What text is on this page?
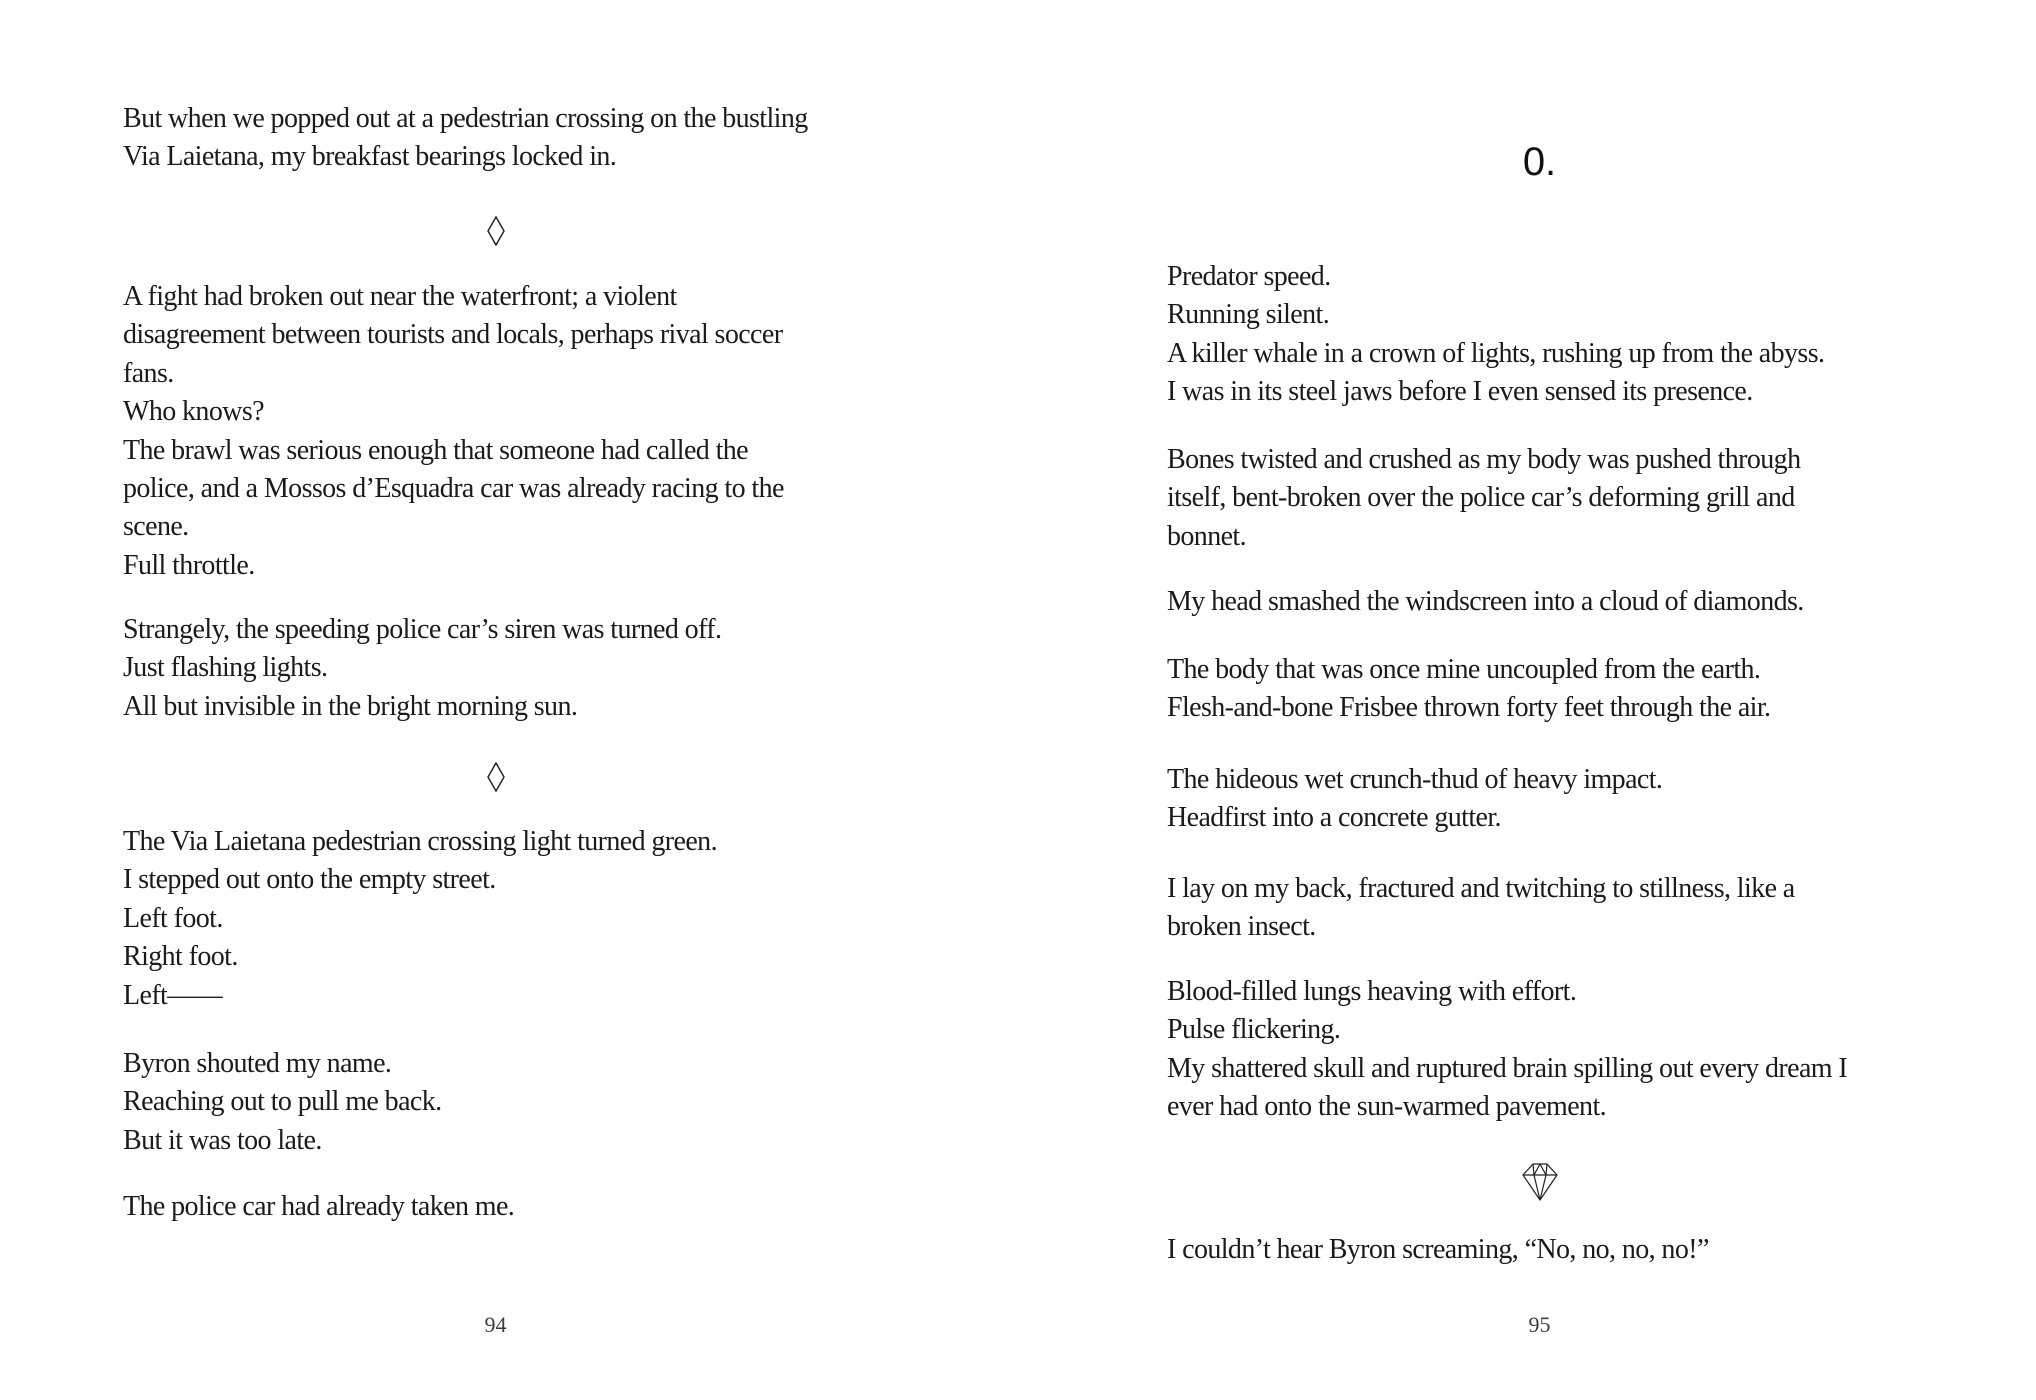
But when we popped out at a pedestrian crossing on the bustling
Via Laietana, my breakfast bearings locked in.
A fight had broken out near the waterfront; a violent
disagreement between tourists and locals, perhaps rival soccer
fans.
Who knows?
The brawl was serious enough that someone had called the
police, and a Mossos d’Esquadra car was already racing to the
scene.
Full throttle.
Strangely, the speeding police car’s siren was turned off.
Just flashing lights.
All but invisible in the bright morning sun.
The Via Laietana pedestrian crossing light turned green.
I stepped out onto the empty street.
Left foot.
Right foot.
Left——
Byron shouted my name.
Reaching out to pull me back.
But it was too late.
The police car had already taken me.
94
0.
Predator speed.
Running silent.
A killer whale in a crown of lights, rushing up from the abyss.
I was in its steel jaws before I even sensed its presence.
Bones twisted and crushed as my body was pushed through
itself, bent-broken over the police car’s deforming grill and
bonnet.
My head smashed the windscreen into a cloud of diamonds.
The body that was once mine uncoupled from the earth.
Flesh-and-bone Frisbee thrown forty feet through the air.
The hideous wet crunch-thud of heavy impact.
Headfirst into a concrete gutter.
I lay on my back, fractured and twitching to stillness, like a
broken insect.
Blood-filled lungs heaving with effort.
Pulse flickering.
My shattered skull and ruptured brain spilling out every dream I
ever had onto the sun-warmed pavement.
I couldn’t hear Byron screaming, “No, no, no, no!”
95
